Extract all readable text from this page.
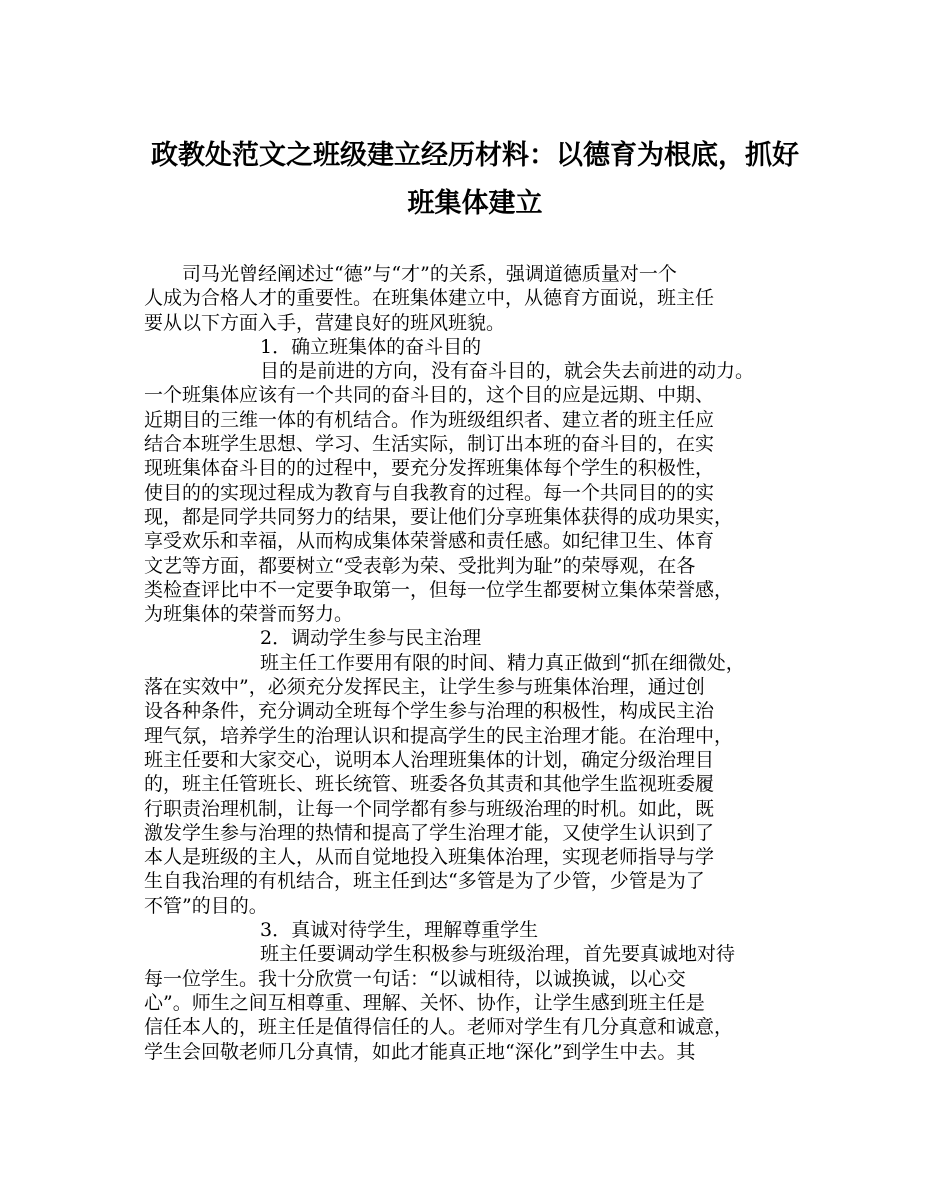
政教处范文之班级建立经历材料：以德育为根底，抓好
班集体建立
司马光曾经阐述过“德”与“才”的关系，强调道德质量对一个
人成为合格人才的重要性。在班集体建立中，从德育方面说，班主任
要从以下方面入手，营建良好的班风班貌。
1．确立班集体的奋斗目的
目的是前进的方向，没有奋斗目的，就会失去前进的动力。
一个班集体应该有一个共同的奋斗目的，这个目的应是远期、中期、
近期目的三维一体的有机结合。作为班级组织者、建立者的班主任应
结合本班学生思想、学习、生活实际，制订出本班的奋斗目的，在实
现班集体奋斗目的的过程中，要充分发挥班集体每个学生的积极性，
使目的的实现过程成为教育与自我教育的过程。每一个共同目的的实
现，都是同学共同努力的结果，要让他们分享班集体获得的成功果实，
享受欢乐和幸福，从而构成集体荣誉感和责任感。如纪律卫生、体育
文艺等方面，都要树立“受表彰为荣、受批判为耻”的荣辱观，在各
类检查评比中不一定要争取第一，但每一位学生都要树立集体荣誉感，
为班集体的荣誉而努力。
2．调动学生参与民主治理
班主任工作要用有限的时间、精力真正做到“抓在细微处，
落在实效中”，必须充分发挥民主，让学生参与班集体治理，通过创
设各种条件，充分调动全班每个学生参与治理的积极性，构成民主治
理气氛，培养学生的治理认识和提高学生的民主治理才能。在治理中，
班主任要和大家交心，说明本人治理班集体的计划，确定分级治理目
的，班主任管班长、班长统管、班委各负其责和其他学生监视班委履
行职责治理机制，让每一个同学都有参与班级治理的时机。如此，既
激发学生参与治理的热情和提高了学生治理才能，又使学生认识到了
本人是班级的主人，从而自觉地投入班集体治理，实现老师指导与学
生自我治理的有机结合，班主任到达“多管是为了少管，少管是为了
不管”的目的。
3．真诚对待学生，理解尊重学生
班主任要调动学生积极参与班级治理，首先要真诚地对待
每一位学生。我十分欣赏一句话：“以诚相待，以诚换诚，以心交
心”。师生之间互相尊重、理解、关怀、协作，让学生感到班主任是
信任本人的，班主任是值得信任的人。老师对学生有几分真意和诚意，
学生会回敬老师几分真情，如此才能真正地“深化”到学生中去。其
